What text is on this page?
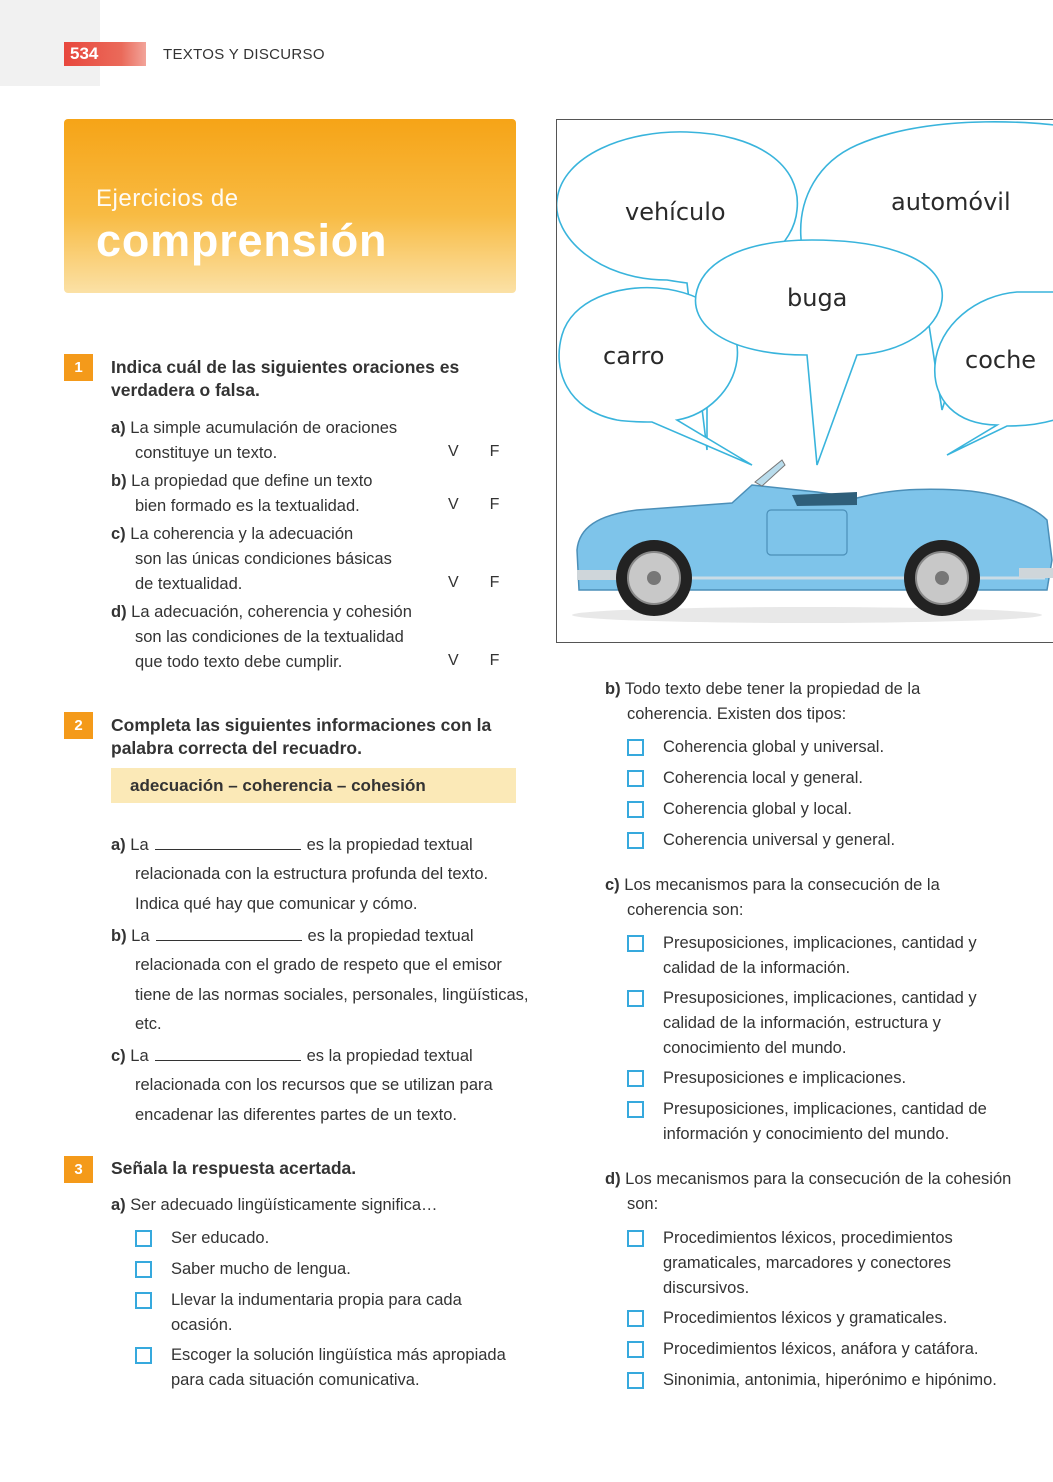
534	TEXTOS Y DISCURSO
Ejercicios de
comprensión
1	Indica cuál de las siguientes oraciones es
verdadera o falsa.
a) La simple acumulación de oraciones
constituye un texto.	V F
b) La propiedad que define un texto
bien formado es la textualidad.	V F
c) La coherencia y la adecuación
son las únicas condiciones básicas
de textualidad.	V F
d) La adecuación, coherencia y cohesión
son las condiciones de la textualidad
que todo texto debe cumplir.	V F
2	Completa las siguientes informaciones con la
palabra correcta del recuadro.
adecuación – coherencia – cohesión
a) La	es la propiedad textual
relacionada con la estructura profunda del texto.
Indica qué hay que comunicar y cómo.
b) La	es la propiedad textual
relacionada con el grado de respeto que el emisor
tiene de las normas sociales, personales, lingüísticas,
etc.
c) La	es la propiedad textual
relacionada con los recursos que se utilizan para
encadenar las diferentes partes de un texto.
3	Señala la respuesta acertada.
a) Ser adecuado lingüísticamente significa…
Ser educado.
Saber mucho de lengua.
Llevar la indumentaria propia para cada
ocasión.
Escoger la solución lingüística más apropiada
para cada situación comunicativa.
vehículo	automóvil
buga
carro	coche
b) Todo texto debe tener la propiedad de la
coherencia. Existen dos tipos:
Coherencia global y universal.
Coherencia local y general.
Coherencia global y local.
Coherencia universal y general.
c) Los mecanismos para la consecución de la
coherencia son:
Presuposiciones, implicaciones, cantidad y
calidad de la información.
Presuposiciones, implicaciones, cantidad y
calidad de la información, estructura y
conocimiento del mundo.
Presuposiciones e implicaciones.
Presuposiciones, implicaciones, cantidad de
información y conocimiento del mundo.
d) Los mecanismos para la consecución de la cohesión
son:
Procedimientos léxicos, procedimientos
gramaticales, marcadores y conectores
discursivos.
Procedimientos léxicos y gramaticales.
Procedimientos léxicos, anáfora y catáfora.
Sinonimia, antonimia, hiperónimo e hipónimo.
